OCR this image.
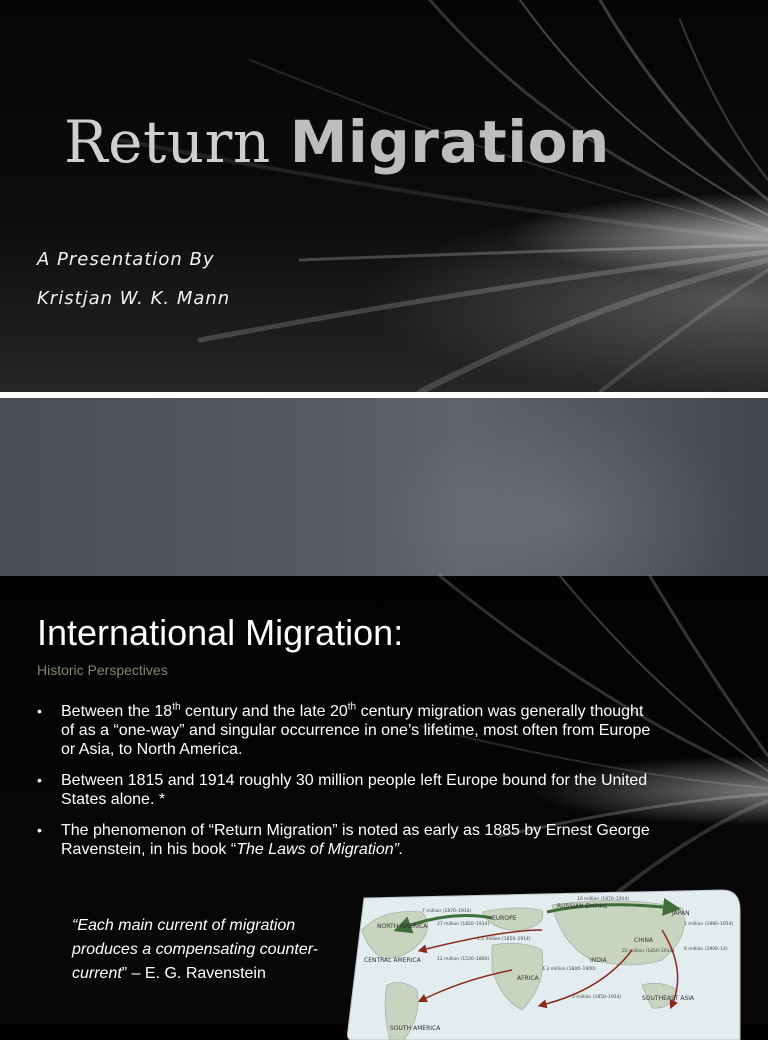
Return Migration
A Presentation By
Kristjan W. K. Mann
International Migration:
Historic Perspectives
• Between the 18th century and the late 20th century migration was generally thought of as a “one-way” and singular occurrence in one’s lifetime, most often from Europe or Asia, to North America.
• Between 1815 and 1914 roughly 30 million people left Europe bound for the United States alone. *
• The phenomenon of “Return Migration” is noted as early as 1885 by Ernest George Ravenstein, in his book “The Laws of Migration”.
“Each main current of migration produces a compensating counter-current” – E. G. Ravenstein
NORTH AMERICA
CENTRAL AMERICA
EUROPE
RUSSIAN EMPIRE
JAPAN
CHINA
INDIA
AFRICA
SOUTHEAST ASIA
SOUTH AMERICA
10 million (1870–1914)
7 million (1870–1914)
27 million (1820–1914)
1.5 million (1850–1914)
12 million (1530–1860)
4.3 million (1800–1900)
3 million (1850–1914)
22 million (1850–1914)
1 million (1880–1914)
8 million (1900–14)
